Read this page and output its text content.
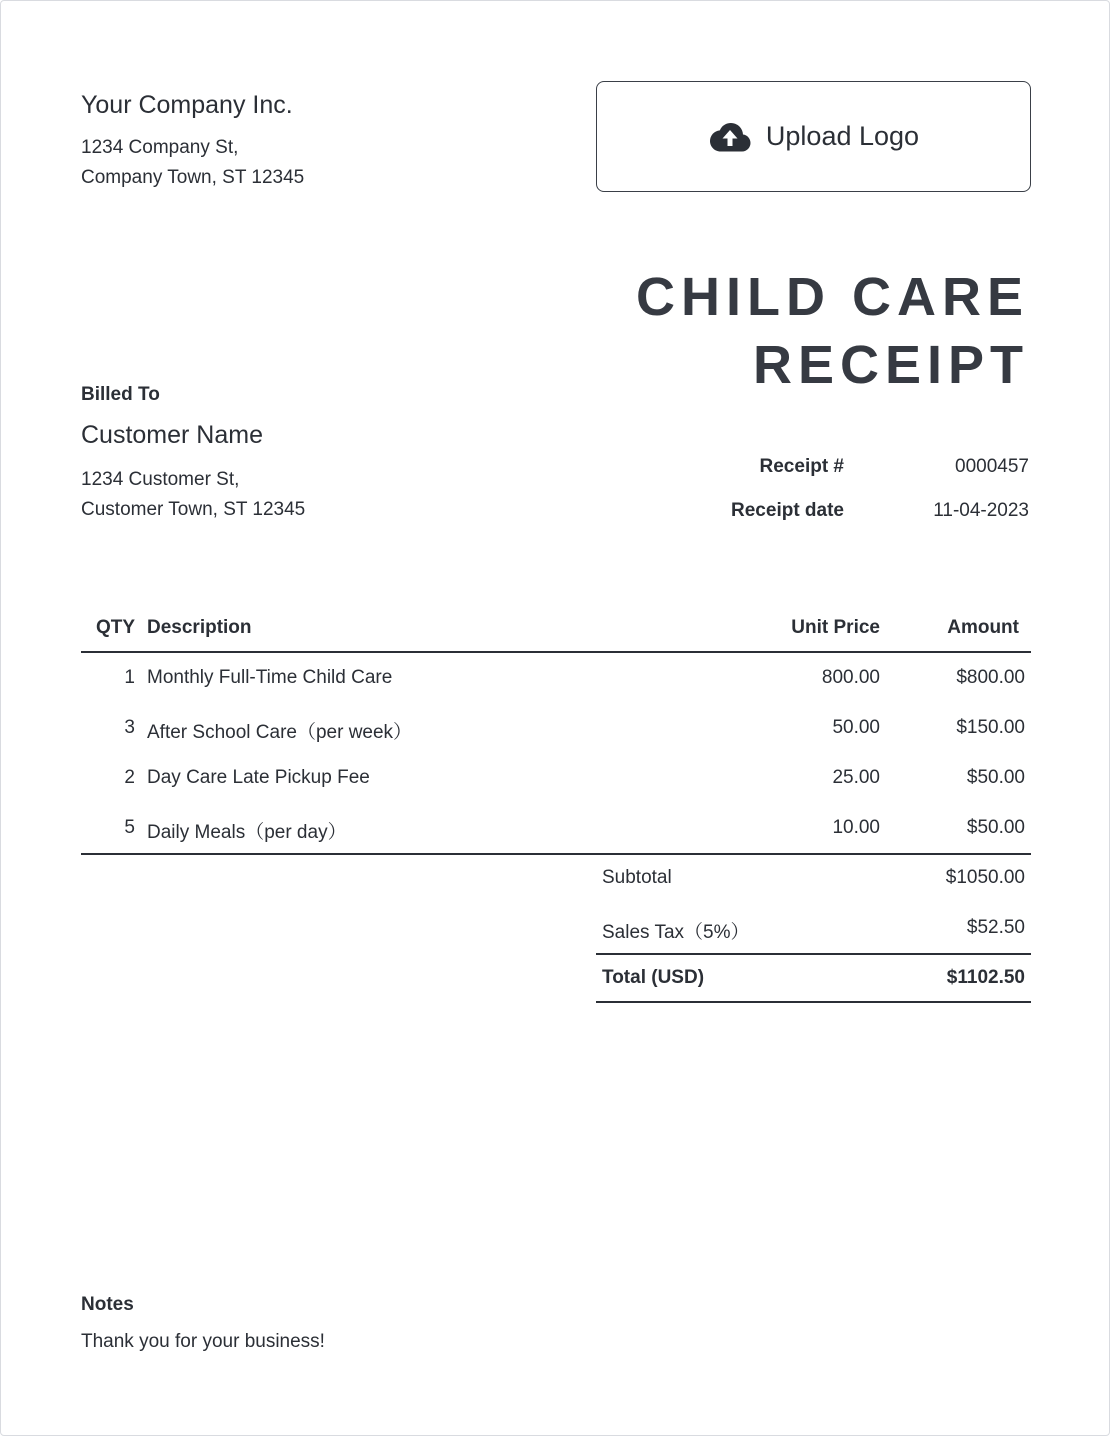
Your Company Inc.
1234 Company St,
Company Town, ST 12345
Upload Logo
CHILD CARE
RECEIPT
Billed To
Customer Name
1234 Customer St,
Customer Town, ST 12345
Receipt #	0000457
Receipt date	11-04-2023
QTY Description	Unit Price	Amount
1 Monthly Full-Time Child Care	800.00	$800.00
3 After School Care（per week）	50.00	$150.00
2 Day Care Late Pickup Fee	25.00	$50.00
5 Daily Meals（per day）	10.00	$50.00
Subtotal	$1050.00
Sales Tax（5%）	$52.50
Total (USD)	$1102.50
Notes
Thank you for your business!
